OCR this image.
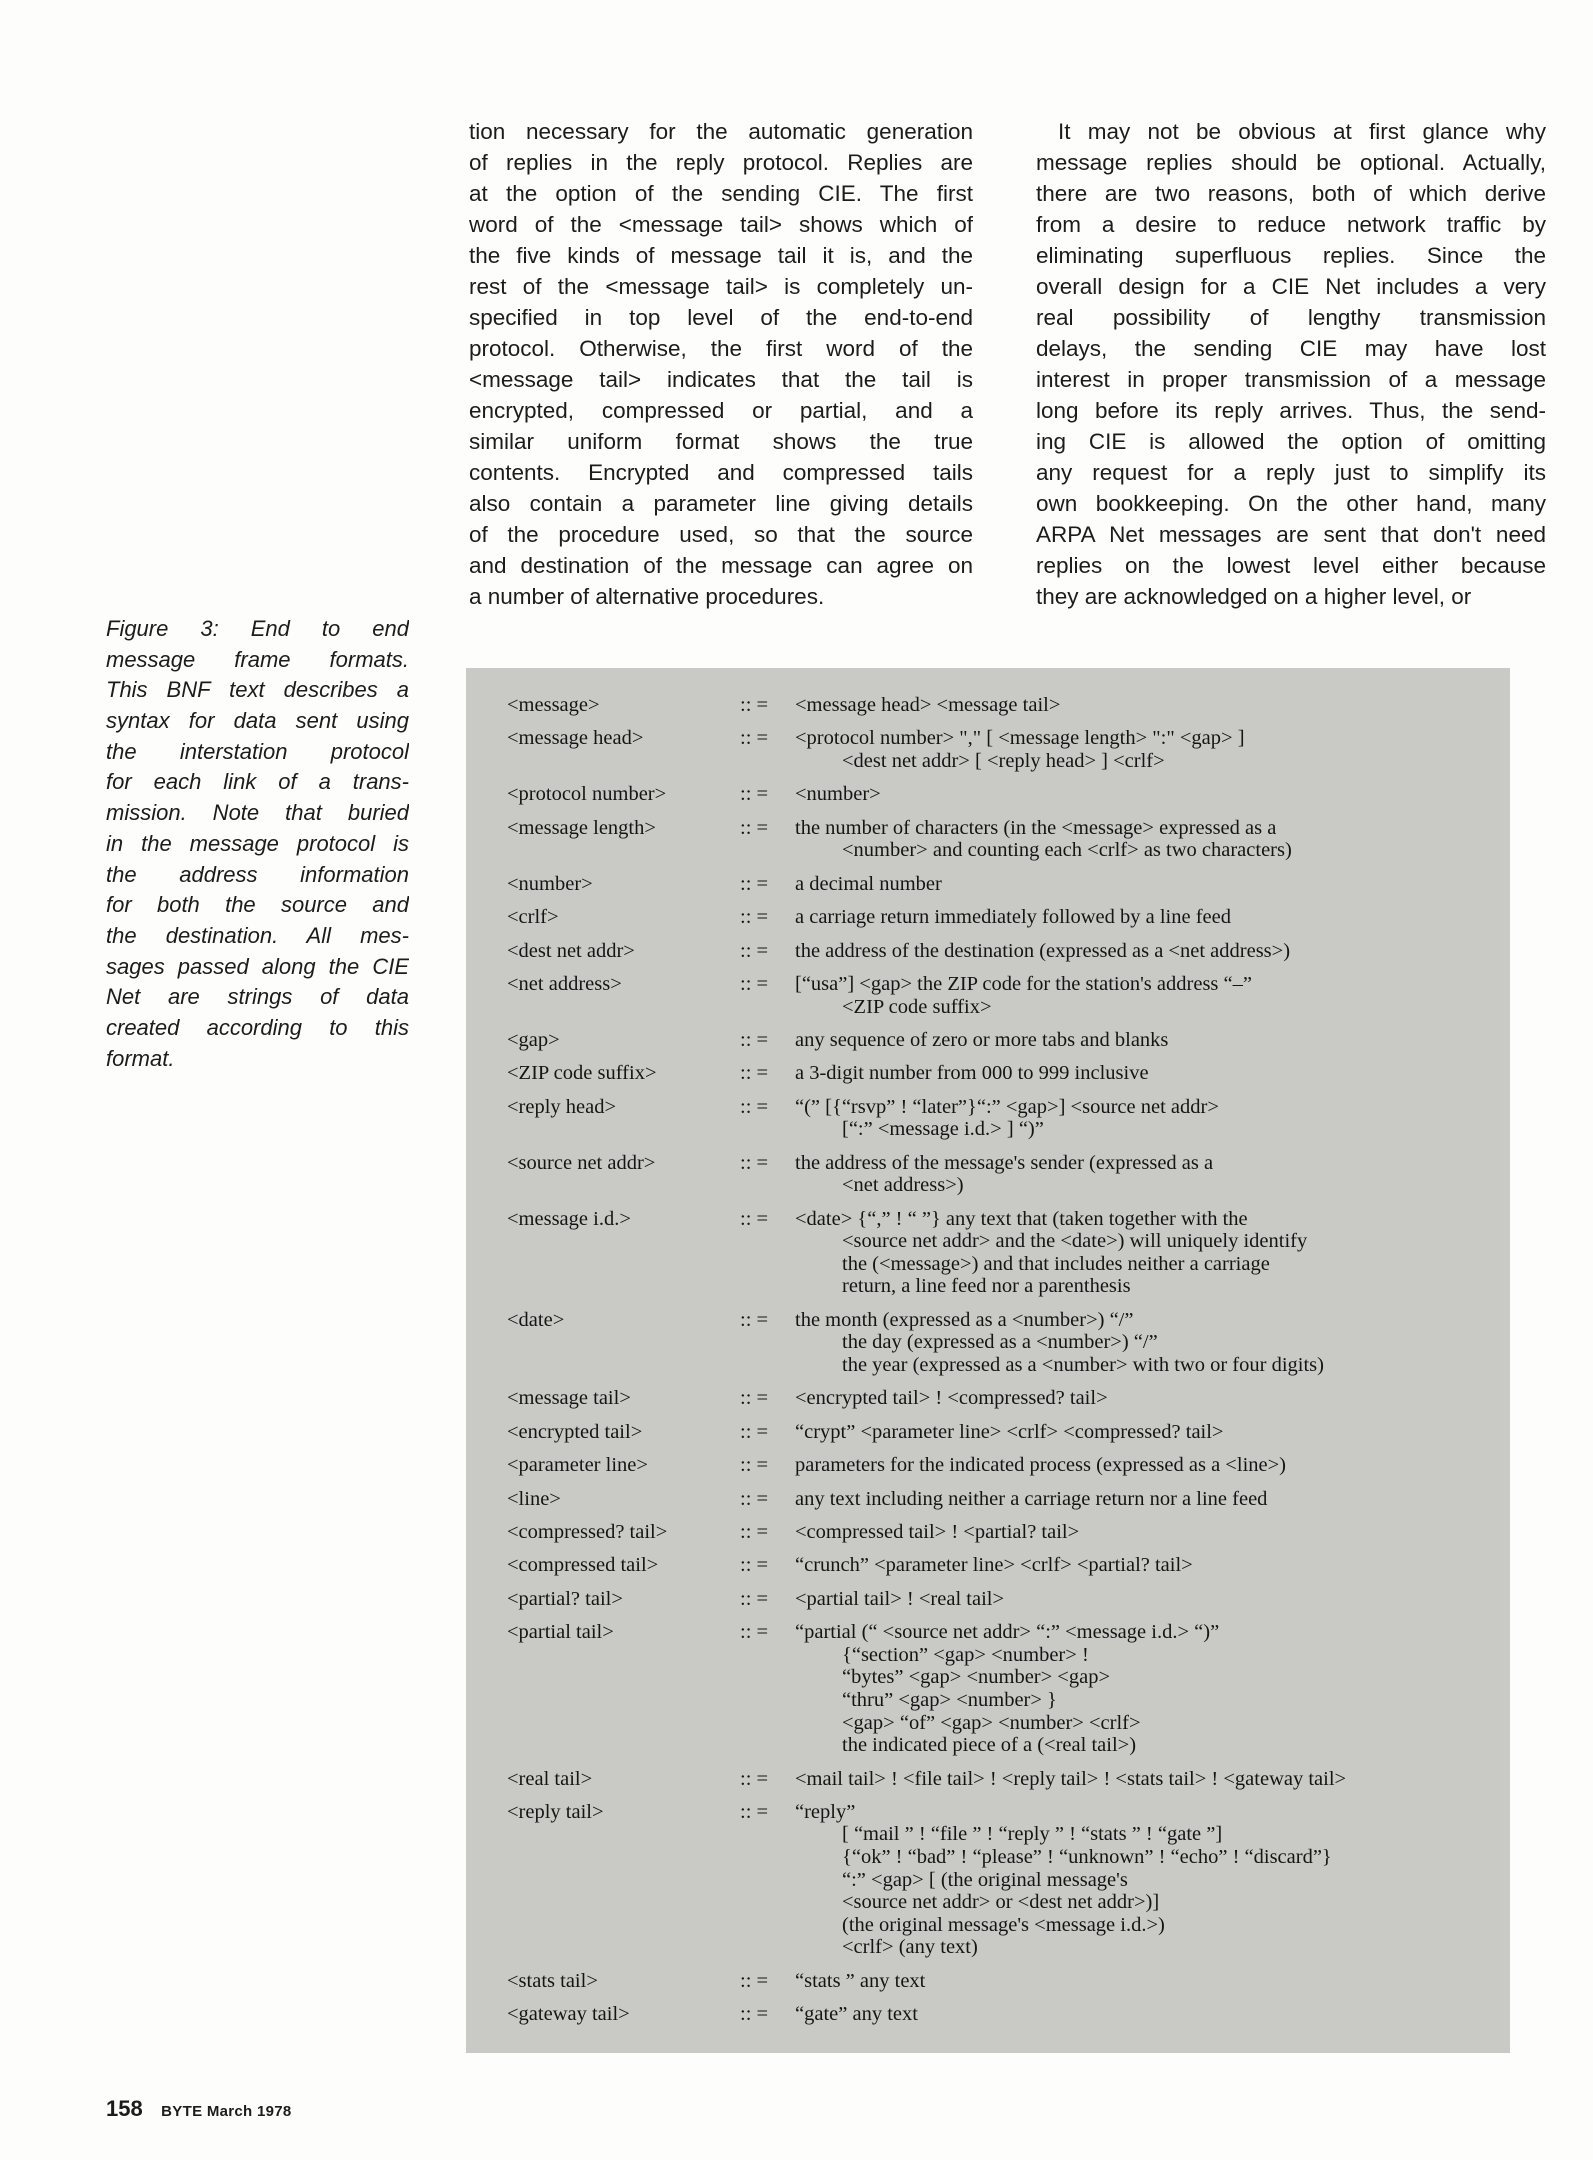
tion necessary for the automatic generation
of replies in the reply protocol. Replies are
at the option of the sending CIE. The first
word of the <message tail> shows which of
the five kinds of message tail it is, and the
rest of the <message tail> is completely un-
specified in top level of the end-to-end
protocol. Otherwise, the first word of the
<message tail> indicates that the tail is
encrypted, compressed or partial, and a
similar uniform format shows the true
contents. Encrypted and compressed tails
also contain a parameter line giving details
of the procedure used, so that the source
and destination of the message can agree on
a number of alternative procedures.
It may not be obvious at first glance why
message replies should be optional. Actually,
there are two reasons, both of which derive
from a desire to reduce network traffic by
eliminating superfluous replies. Since the
overall design for a CIE Net includes a very
real possibility of lengthy transmission
delays, the sending CIE may have lost
interest in proper transmission of a message
long before its reply arrives. Thus, the send-
ing CIE is allowed the option of omitting
any request for a reply just to simplify its
own bookkeeping. On the other hand, many
ARPA Net messages are sent that don't need
replies on the lowest level either because
they are acknowledged on a higher level, or
Figure 3: End to end
message frame formats.
This BNF text describes a
syntax for data sent using
the interstation protocol
for each link of a trans-
mission. Note that buried
in the message protocol is
the address information
for both the source and
the destination. All mes-
sages passed along the CIE
Net are strings of data
created according to this
format.
<message>	:: = <message head> <message tail>
<message head>	:: = <protocol number> "," [ <message length> ":" <gap> ]
<dest net addr> [ <reply head> ] <crlf>
<protocol number>	:: = <number>
<message length>	:: = the number of characters (in the <message> expressed as a
<number> and counting each <crlf> as two characters)
<number>	:: = a decimal number
<crlf>	:: = a carriage return immediately followed by a line feed
<dest net addr>	:: = the address of the destination (expressed as a <net address>)
<net address>	:: = [“usa”] <gap> the ZIP code for the station's address “–”
<ZIP code suffix>
<gap>	:: = any sequence of zero or more tabs and blanks
<ZIP code suffix>	:: = a 3-digit number from 000 to 999 inclusive
<reply head>	:: = “(” [{“rsvp” ! “later”}“:” <gap>] <source net addr>
[“:” <message i.d.> ] “)”
<source net addr>	:: = the address of the message's sender (expressed as a
<net address>)
<message i.d.>	:: = <date> {“,” ! “ ”} any text that (taken together with the
<source net addr> and the <date>) will uniquely identify
the (<message>) and that includes neither a carriage
return, a line feed nor a parenthesis
<date>	:: = the month (expressed as a <number>) “/”
the day (expressed as a <number>) “/”
the year (expressed as a <number> with two or four digits)
<message tail>	:: = <encrypted tail> ! <compressed? tail>
<encrypted tail>	:: = “crypt” <parameter line> <crlf> <compressed? tail>
<parameter line>	:: = parameters for the indicated process (expressed as a <line>)
<line>	:: = any text including neither a carriage return nor a line feed
<compressed? tail>	:: = <compressed tail> ! <partial? tail>
<compressed tail>	:: = “crunch” <parameter line> <crlf> <partial? tail>
<partial? tail>	:: = <partial tail> ! <real tail>
<partial tail>	:: = “partial (“ <source net addr> “:” <message i.d.> “)”
{“section” <gap> <number> !
“bytes” <gap> <number> <gap>
“thru” <gap> <number> }
<gap> “of” <gap> <number> <crlf>
the indicated piece of a (<real tail>)
<real tail>	:: = <mail tail> ! <file tail> ! <reply tail> ! <stats tail> ! <gateway tail>
<reply tail>	:: = “reply”
[ “mail ” ! “file ” ! “reply ” ! “stats ” ! “gate ”]
{“ok” ! “bad” ! “please” ! “unknown” ! “echo” ! “discard”}
“:” <gap> [ (the original message's
<source net addr> or <dest net addr>)]
(the original message's <message i.d.>)
<crlf> (any text)
<stats tail>	:: = “stats ” any text
<gateway tail>	:: = “gate” any text
158 BYTE March 1978
